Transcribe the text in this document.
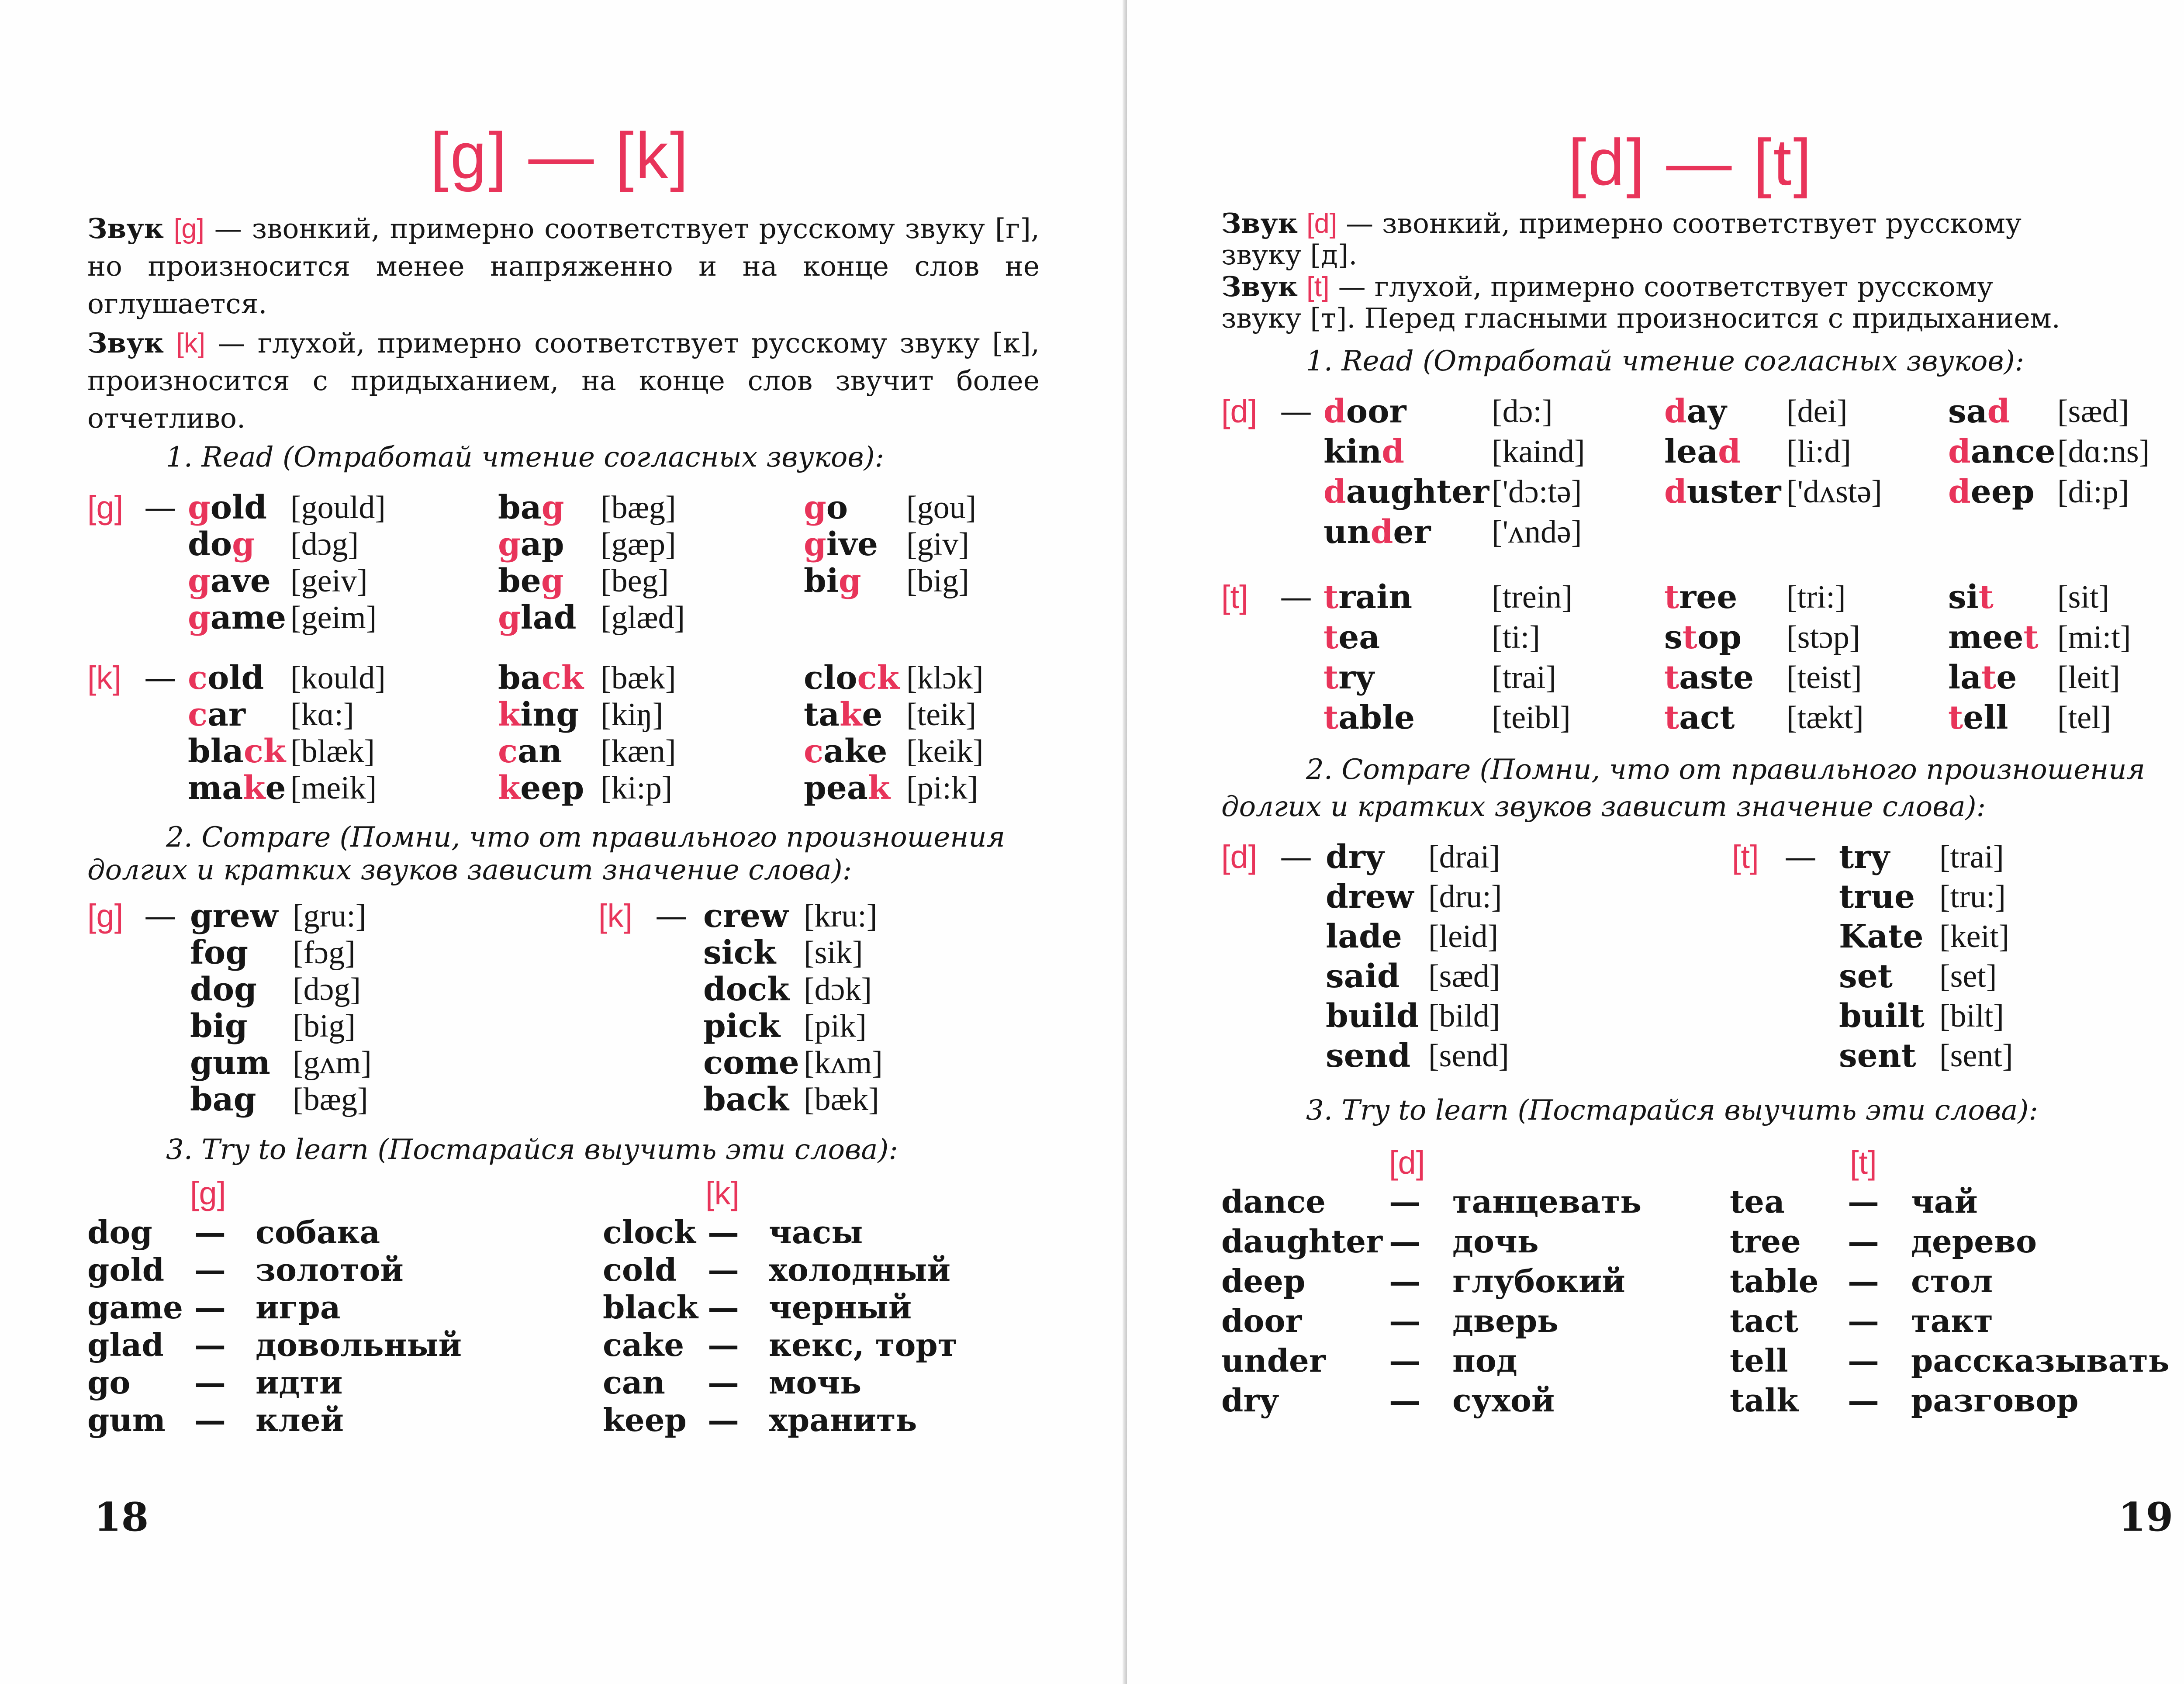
[g] — [k]
Звук [g] — звонкий, примерно соответствует русскому звуку [г], но произносится менее напряженно и на конце слов не оглушается.
Звук [k] — глухой, примерно соответствует русскому звуку [к], произносится с придыханием, на конце слов звучит более отчетливо.
1. Read (Отработай чтение согласных звуков):
2. Compare (Помни, что от правильного произношения
долгих и кратких звуков зависит значение слова):
3. Try to learn (Постарайся выучить эти слова):
18
[g] — gold [gould]
dog [dɔg]
gave [geiv]
game [geim]
bag [bæg]
gap [gæp]
beg [beg]
glad [glæd]
go [gou]
give [giv]
big [big]
[k] — cold [kould]
car [kɑ:]
black [blæk]
make [meik]
back [bæk]
king [kiŋ]
can [kæn]
keep [ki:p]
clock [klɔk]
take [teik]
cake [keik]
peak [pi:k]
[g] — grew [gru:]
fog [fɔg]
dog [dɔg]
big [big]
gum [gʌm]
bag [bæg]
[k] — crew [kru:]
sick [sik]
dock [dɔk]
pick [pik]
come [kʌm]
back [bæk]
[g]
dog — собака
gold — золотой
game — игра
glad — довольный
go — идти
gum — клей
[k]
clock — часы
cold — холодный
black — черный
cake — кекс, торт
can — мочь
keep — хранить
[d] — [t]
Звук [d] — звонкий, примерно соответствует русскому
звуку [д].
Звук [t] — глухой, примерно соответствует русскому
звуку [т]. Перед гласными произносится с придыханием.
1. Read (Отработай чтение согласных звуков):
2. Compare (Помни, что от правильного произношения
долгих и кратких звуков зависит значение слова):
3. Try to learn (Постарайся выучить эти слова):
19
[d] — door	[dɔ:]
kind	[kaind]
daughter ['dɔ:tə]
under ['ʌndə]
day [dei]
lead [li:d]
duster ['dʌstə]
sad [sæd]
dance [dɑ:ns]
deep [di:p]
[t] — train [trein]
tea	[ti:]
try	[trai]
table [teibl]
tree [tri:]
stop [stɔp]
taste [teist]
tact [tækt]
sit [sit]
meet [mi:t]
late [leit]
tell [tel]
[d] — dry [drai]
drew [dru:]
lade [leid]
said [sæd]
build [bild]
send [send]
[t] — try [trai]
true [tru:]
Kate [keit]
set [set]
built [bilt]
sent [sent]
[d]
dance — танцевать
daughter — дочь
deep	— глубокий
door	— дверь
under — под
dry	— сухой
[t]
tea — чай
tree — дерево
table — стол
tact — такт
tell — рассказывать
talk — разговор
